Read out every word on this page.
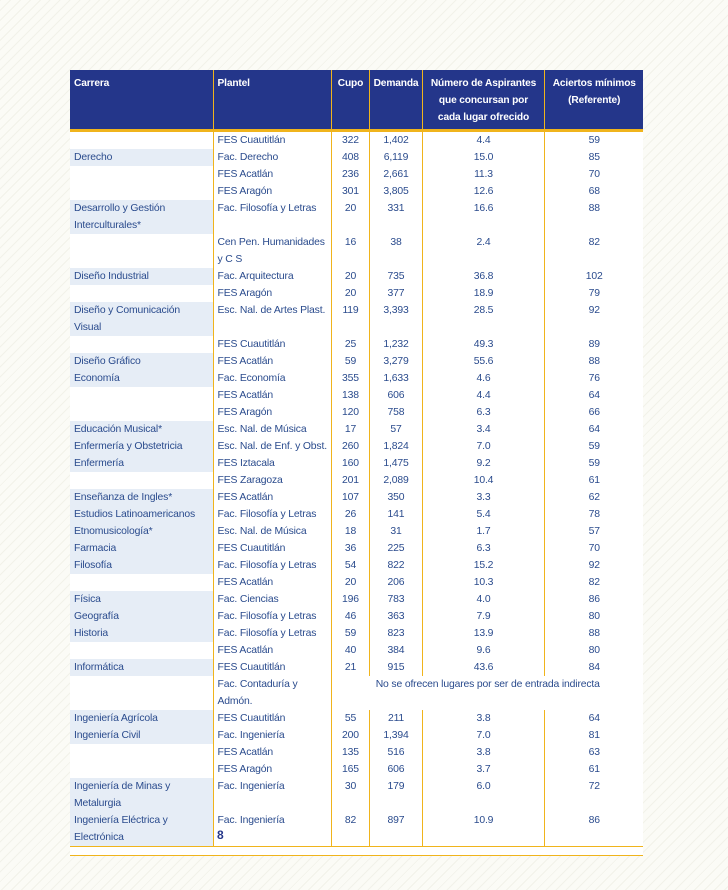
Carrera	Plantel	Cupo	Demanda	Número de Aspirantes que concursan por cada lugar ofrecido	Aciertos mínimos (Referente)

	FES Cuautitlán	322	1,402	4.4	59
Derecho	Fac. Derecho	408	6,119	15.0	85
	FES Acatlán	236	2,661	11.3	70
	FES Aragón	301	3,805	12.6	68
Desarrollo y Gestión Interculturales*	Fac. Filosofía y Letras	20	331	16.6	88
	Cen Pen. Humanidades y C S	16	38	2.4	82
Diseño Industrial	Fac. Arquitectura	20	735	36.8	102
	FES Aragón	20	377	18.9	79
Diseño y Comunicación Visual	Esc. Nal. de Artes Plast.	119	3,393	28.5	92
	FES Cuautitlán	25	1,232	49.3	89
Diseño Gráfico	FES Acatlán	59	3,279	55.6	88
Economía	Fac. Economía	355	1,633	4.6	76
	FES Acatlán	138	606	4.4	64
	FES Aragón	120	758	6.3	66
Educación Musical*	Esc. Nal. de Música	17	57	3.4	64
Enfermería y Obstetricia	Esc. Nal. de Enf. y Obst.	260	1,824	7.0	59
Enfermería	FES Iztacala	160	1,475	9.2	59
	FES Zaragoza	201	2,089	10.4	61
Enseñanza de Ingles*	FES Acatlán	107	350	3.3	62
Estudios Latinoamericanos	Fac. Filosofía y Letras	26	141	5.4	78
Etnomusicología*	Esc. Nal. de Música	18	31	1.7	57
Farmacia	FES Cuautitlán	36	225	6.3	70
Filosofía	Fac. Filosofía y Letras	54	822	15.2	92
	FES Acatlán	20	206	10.3	82
Física	Fac. Ciencias	196	783	4.0	86
Geografía	Fac. Filosofía y Letras	46	363	7.9	80
Historia	Fac. Filosofía y Letras	59	823	13.9	88
	FES Acatlán	40	384	9.6	80
Informática	FES Cuautitlán	21	915	43.6	84
	Fac. Contaduría y Admón.	No se ofrecen lugares por ser de entrada indirecta			
Ingeniería Agrícola	FES Cuautitlán	55	211	3.8	64
Ingeniería Civil	Fac. Ingeniería	200	1,394	7.0	81
	FES Acatlán	135	516	3.8	63
	FES Aragón	165	606	3.7	61
Ingeniería de Minas y Metalurgia	Fac. Ingeniería	30	179	6.0	72
Ingeniería Eléctrica y Electrónica	Fac. Ingeniería	82	897	10.9	86
8
